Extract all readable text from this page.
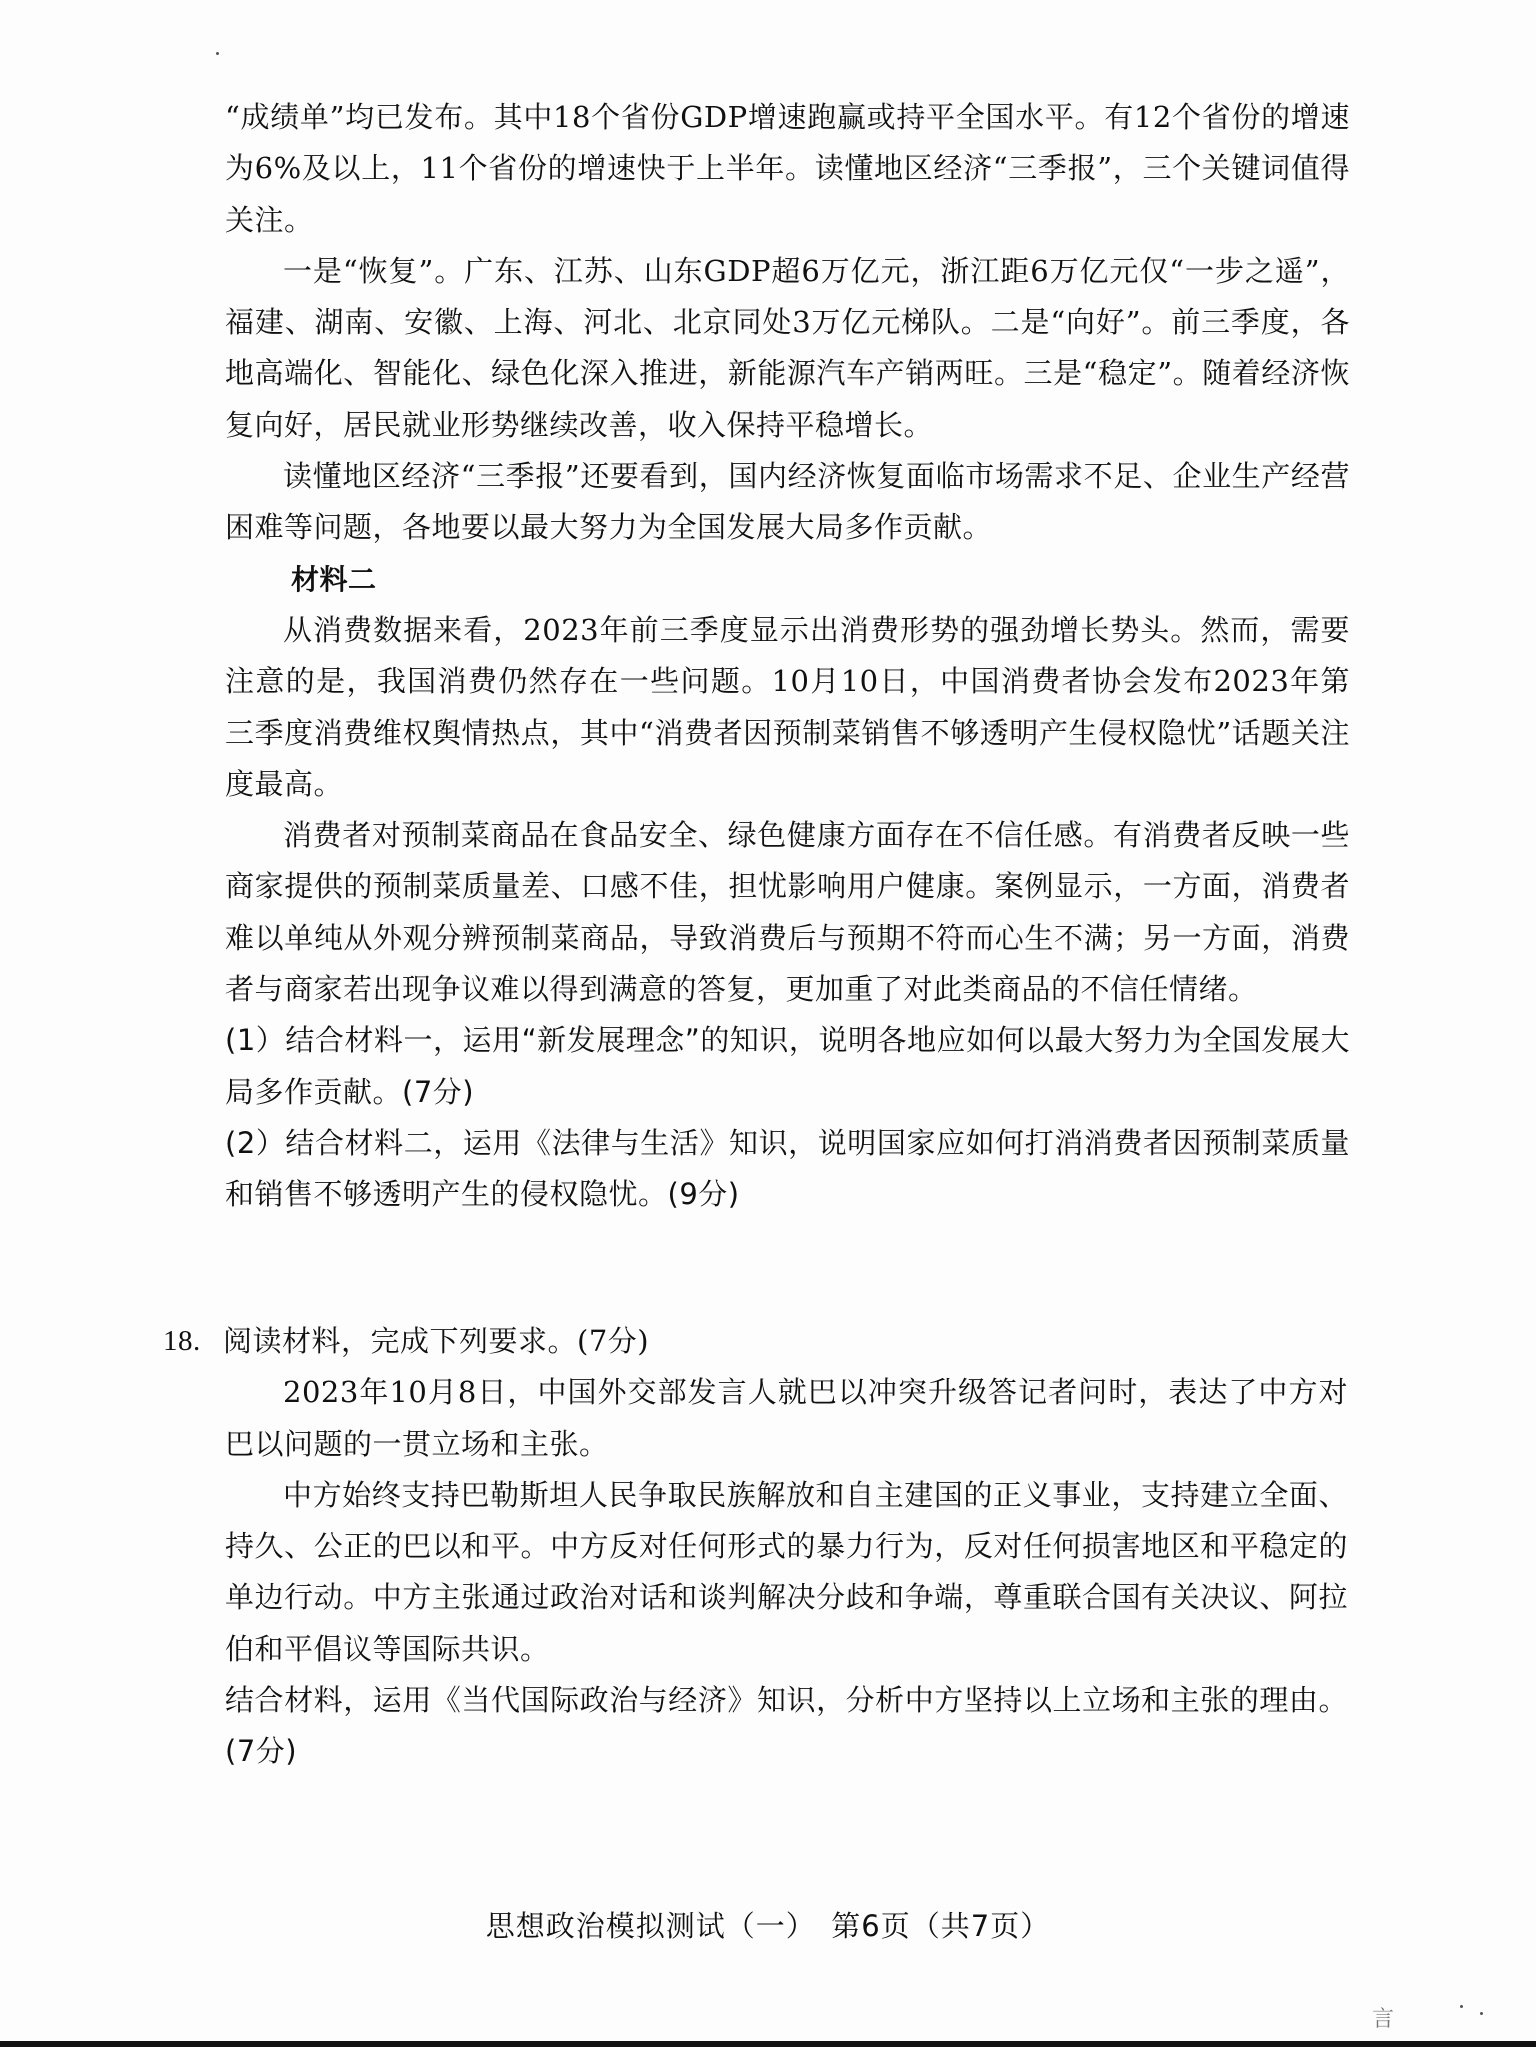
“成绩单”均已发布。其中18个省份GDP增速跑赢或持平全国水平。有12个省份的增速为6%及以上，11个省份的增速快于上半年。读懂地区经济“三季报”，三个关键词值得关注。

一是“恢复”。广东、江苏、山东GDP超6万亿元，浙江距6万亿元仅“一步之遥”，福建、湖南、安徽、上海、河北、北京同处3万亿元梯队。二是“向好”。前三季度，各地高端化、智能化、绿色化深入推进，新能源汽车产销两旺。三是“稳定”。随着经济恢复向好，居民就业形势继续改善，收入保持平稳增长。

读懂地区经济“三季报”还要看到，国内经济恢复面临市场需求不足、企业生产经营困难等问题，各地要以最大努力为全国发展大局多作贡献。

材料二

从消费数据来看，2023年前三季度显示出消费形势的强劲增长势头。然而，需要注意的是，我国消费仍然存在一些问题。10月10日，中国消费者协会发布2023年第三季度消费维权舆情热点，其中“消费者因预制菜销售不够透明产生侵权隐忧”话题关注度最高。

消费者对预制菜商品在食品安全、绿色健康方面存在不信任感。有消费者反映一些商家提供的预制菜质量差、口感不佳，担忧影响用户健康。案例显示，一方面，消费者难以单纯从外观分辨预制菜商品，导致消费后与预期不符而心生不满；另一方面，消费者与商家若出现争议难以得到满意的答复，更加重了对此类商品的不信任情绪。

(1）结合材料一，运用“新发展理念”的知识，说明各地应如何以最大努力为全国发展大局多作贡献。(7分)

(2）结合材料二，运用《法律与生活》知识，说明国家应如何打消消费者因预制菜质量和销售不够透明产生的侵权隐忧。(9分)

18. 阅读材料，完成下列要求。(7分)

2023年10月8日，中国外交部发言人就巴以冲突升级答记者问时，表达了中方对巴以问题的一贯立场和主张。

中方始终支持巴勒斯坦人民争取民族解放和自主建国的正义事业，支持建立全面、持久、公正的巴以和平。中方反对任何形式的暴力行为，反对任何损害地区和平稳定的单边行动。中方主张通过政治对话和谈判解决分歧和争端，尊重联合国有关决议、阿拉伯和平倡议等国际共识。

结合材料，运用《当代国际政治与经济》知识，分析中方坚持以上立场和主张的理由。(7分)

思想政治模拟测试（一）　第6页（共7页）
言
